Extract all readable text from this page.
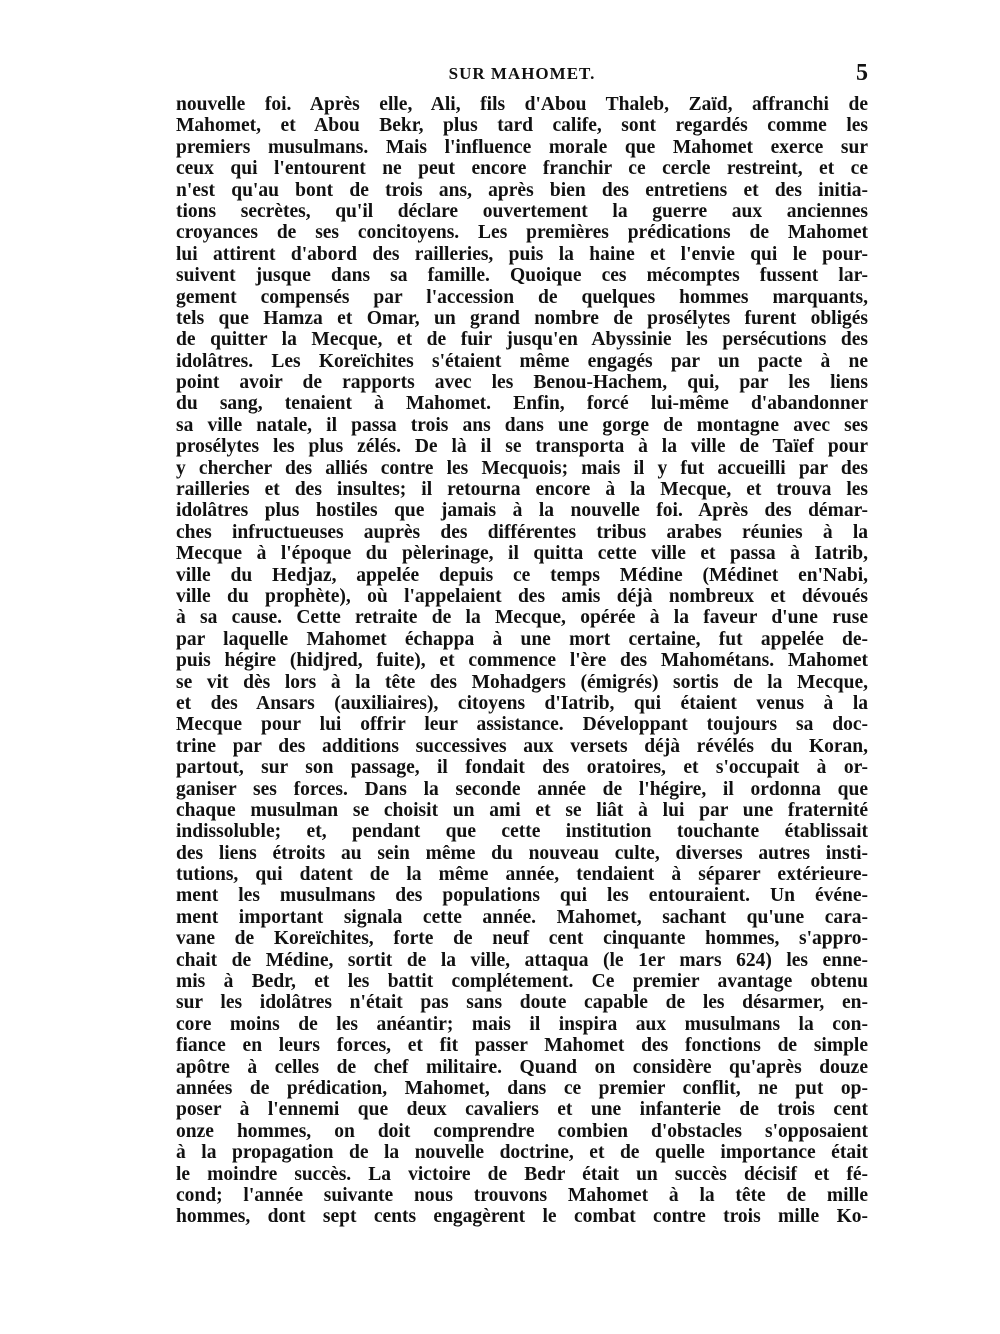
SUR MAHOMET.	5
nouvelle foi. Après elle, Ali, fils d'Abou Thaleb, Zaïd, affranchi de
Mahomet, et Abou Bekr, plus tard calife, sont regardés comme les
premiers musulmans. Mais l'influence morale que Mahomet exerce sur
ceux qui l'entourent ne peut encore franchir ce cercle restreint, et ce
n'est qu'au bont de trois ans, après bien des entretiens et des initia-
tions secrètes, qu'il déclare ouvertement la guerre aux anciennes
croyances de ses concitoyens. Les premières prédications de Mahomet
lui attirent d'abord des railleries, puis la haine et l'envie qui le pour-
suivent jusque dans sa famille. Quoique ces mécomptes fussent lar-
gement compensés par l'accession de quelques hommes marquants,
tels que Hamza et Omar, un grand nombre de prosélytes furent obligés
de quitter la Mecque, et de fuir jusqu'en Abyssinie les persécutions des
idolâtres. Les Koreïchites s'étaient même engagés par un pacte à ne
point avoir de rapports avec les Benou-Hachem, qui, par les liens
du sang, tenaient à Mahomet. Enfin, forcé lui-même d'abandonner
sa ville natale, il passa trois ans dans une gorge de montagne avec ses
prosélytes les plus zélés. De là il se transporta à la ville de Taïef pour
y chercher des alliés contre les Mecquois; mais il y fut accueilli par des
railleries et des insultes; il retourna encore à la Mecque, et trouva les
idolâtres plus hostiles que jamais à la nouvelle foi. Après des démar-
ches infructueuses auprès des différentes tribus arabes réunies à la
Mecque à l'époque du pèlerinage, il quitta cette ville et passa à Iatrib,
ville du Hedjaz, appelée depuis ce temps Médine (Médinet en'Nabi,
ville du prophète), où l'appelaient des amis déjà nombreux et dévoués
à sa cause. Cette retraite de la Mecque, opérée à la faveur d'une ruse
par laquelle Mahomet échappa à une mort certaine, fut appelée de-
puis hégire (hidjred, fuite), et commence l'ère des Mahométans. Mahomet
se vit dès lors à la tête des Mohadgers (émigrés) sortis de la Mecque,
et des Ansars (auxiliaires), citoyens d'Iatrib, qui étaient venus à la
Mecque pour lui offrir leur assistance. Développant toujours sa doc-
trine par des additions successives aux versets déjà révélés du Koran,
partout, sur son passage, il fondait des oratoires, et s'occupait à or-
ganiser ses forces. Dans la seconde année de l'hégire, il ordonna que
chaque musulman se choisit un ami et se liât à lui par une fraternité
indissoluble; et, pendant que cette institution touchante établissait
des liens étroits au sein même du nouveau culte, diverses autres insti-
tutions, qui datent de la même année, tendaient à séparer extérieure-
ment les musulmans des populations qui les entouraient. Un événe-
ment important signala cette année. Mahomet, sachant qu'une cara-
vane de Koreïchites, forte de neuf cent cinquante hommes, s'appro-
chait de Médine, sortit de la ville, attaqua (le 1er mars 624) les enne-
mis à Bedr, et les battit complétement. Ce premier avantage obtenu
sur les idolâtres n'était pas sans doute capable de les désarmer, en-
core moins de les anéantir; mais il inspira aux musulmans la con-
fiance en leurs forces, et fit passer Mahomet des fonctions de simple
apôtre à celles de chef militaire. Quand on considère qu'après douze
années de prédication, Mahomet, dans ce premier conflit, ne put op-
poser à l'ennemi que deux cavaliers et une infanterie de trois cent
onze hommes, on doit comprendre combien d'obstacles s'opposaient
à la propagation de la nouvelle doctrine, et de quelle importance était
le moindre succès. La victoire de Bedr était un succès décisif et fé-
cond; l'année suivante nous trouvons Mahomet à la tête de mille
hommes, dont sept cents engagèrent le combat contre trois mille Ko-
